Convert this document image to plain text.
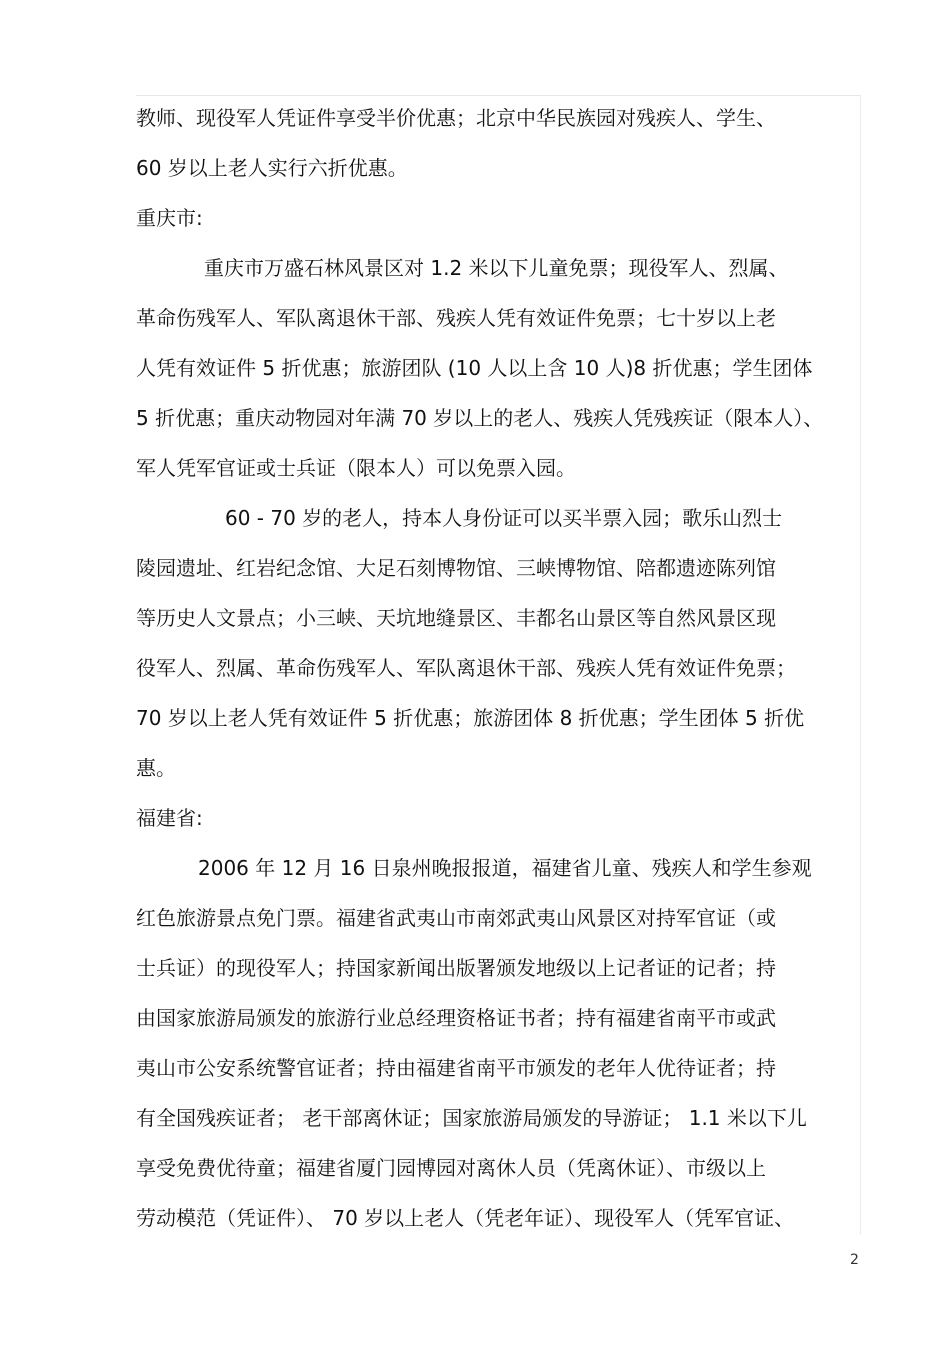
教师、现役军人凭证件享受半价优惠；北京中华民族园对残疾人、学生、
60 岁以上老人实行六折优惠。
重庆市:
重庆市万盛石林风景区对 1.2 米以下儿童免票；现役军人、烈属、
革命伤残军人、军队离退休干部、残疾人凭有效证件免票；七十岁以上老
人凭有效证件 5 折优惠；旅游团队 (10 人以上含 10 人)8 折优惠；学生团体
5 折优惠；重庆动物园对年满 70 岁以上的老人、残疾人凭残疾证（限本人）、
军人凭军官证或士兵证（限本人）可以免票入园。
60 - 70 岁的老人，持本人身份证可以买半票入园；歌乐山烈士
陵园遗址、红岩纪念馆、大足石刻博物馆、三峡博物馆、陪都遗迹陈列馆
等历史人文景点；小三峡、天坑地缝景区、丰都名山景区等自然风景区现
役军人、烈属、革命伤残军人、军队离退休干部、残疾人凭有效证件免票；
70 岁以上老人凭有效证件 5 折优惠；旅游团体 8 折优惠；学生团体 5 折优
惠。
福建省:
2006 年 12 月 16 日泉州晚报报道，福建省儿童、残疾人和学生参观
红色旅游景点免门票。福建省武夷山市南郊武夷山风景区对持军官证（或
士兵证）的现役军人；持国家新闻出版署颁发地级以上记者证的记者；持
由国家旅游局颁发的旅游行业总经理资格证书者；持有福建省南平市或武
夷山市公安系统警官证者；持由福建省南平市颁发的老年人优待证者；持
有全国残疾证者； 老干部离休证；国家旅游局颁发的导游证； 1.1 米以下儿
享受免费优待童；福建省厦门园博园对离休人员（凭离休证）、市级以上
劳动模范（凭证件）、 70 岁以上老人（凭老年证）、现役军人（凭军官证、
2
